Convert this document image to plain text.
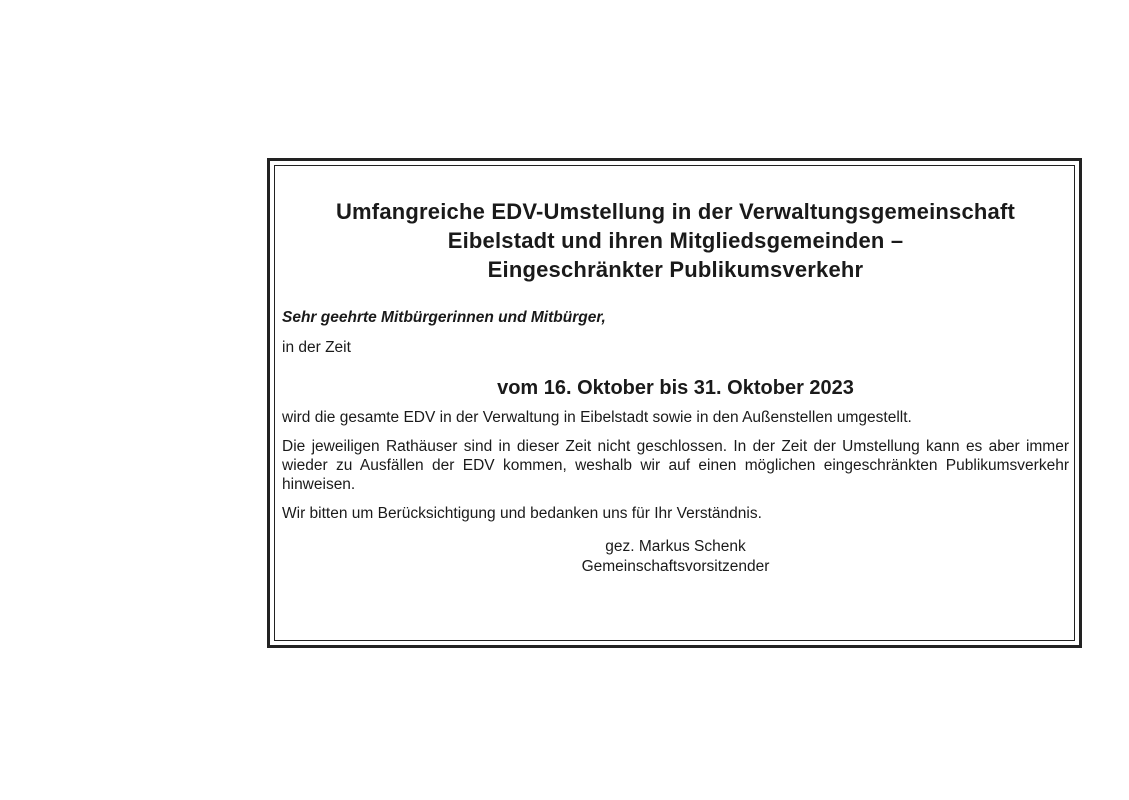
Umfangreiche EDV-Umstellung in der Verwaltungsgemeinschaft
Eibelstadt und ihren Mitgliedsgemeinden –
Eingeschränkter Publikumsverkehr

Sehr geehrte Mitbürgerinnen und Mitbürger,

in der Zeit

vom 16. Oktober bis 31. Oktober 2023

wird die gesamte EDV in der Verwaltung in Eibelstadt sowie in den Außenstellen umgestellt.

Die jeweiligen Rathäuser sind in dieser Zeit nicht geschlossen. In der Zeit der Umstellung kann es aber immer wieder zu Ausfällen der EDV kommen, weshalb wir auf einen möglichen eingeschränkten Publikumsverkehr hinweisen.

Wir bitten um Berücksichtigung und bedanken uns für Ihr Verständnis.

gez. Markus Schenk
Gemeinschaftsvorsitzender
